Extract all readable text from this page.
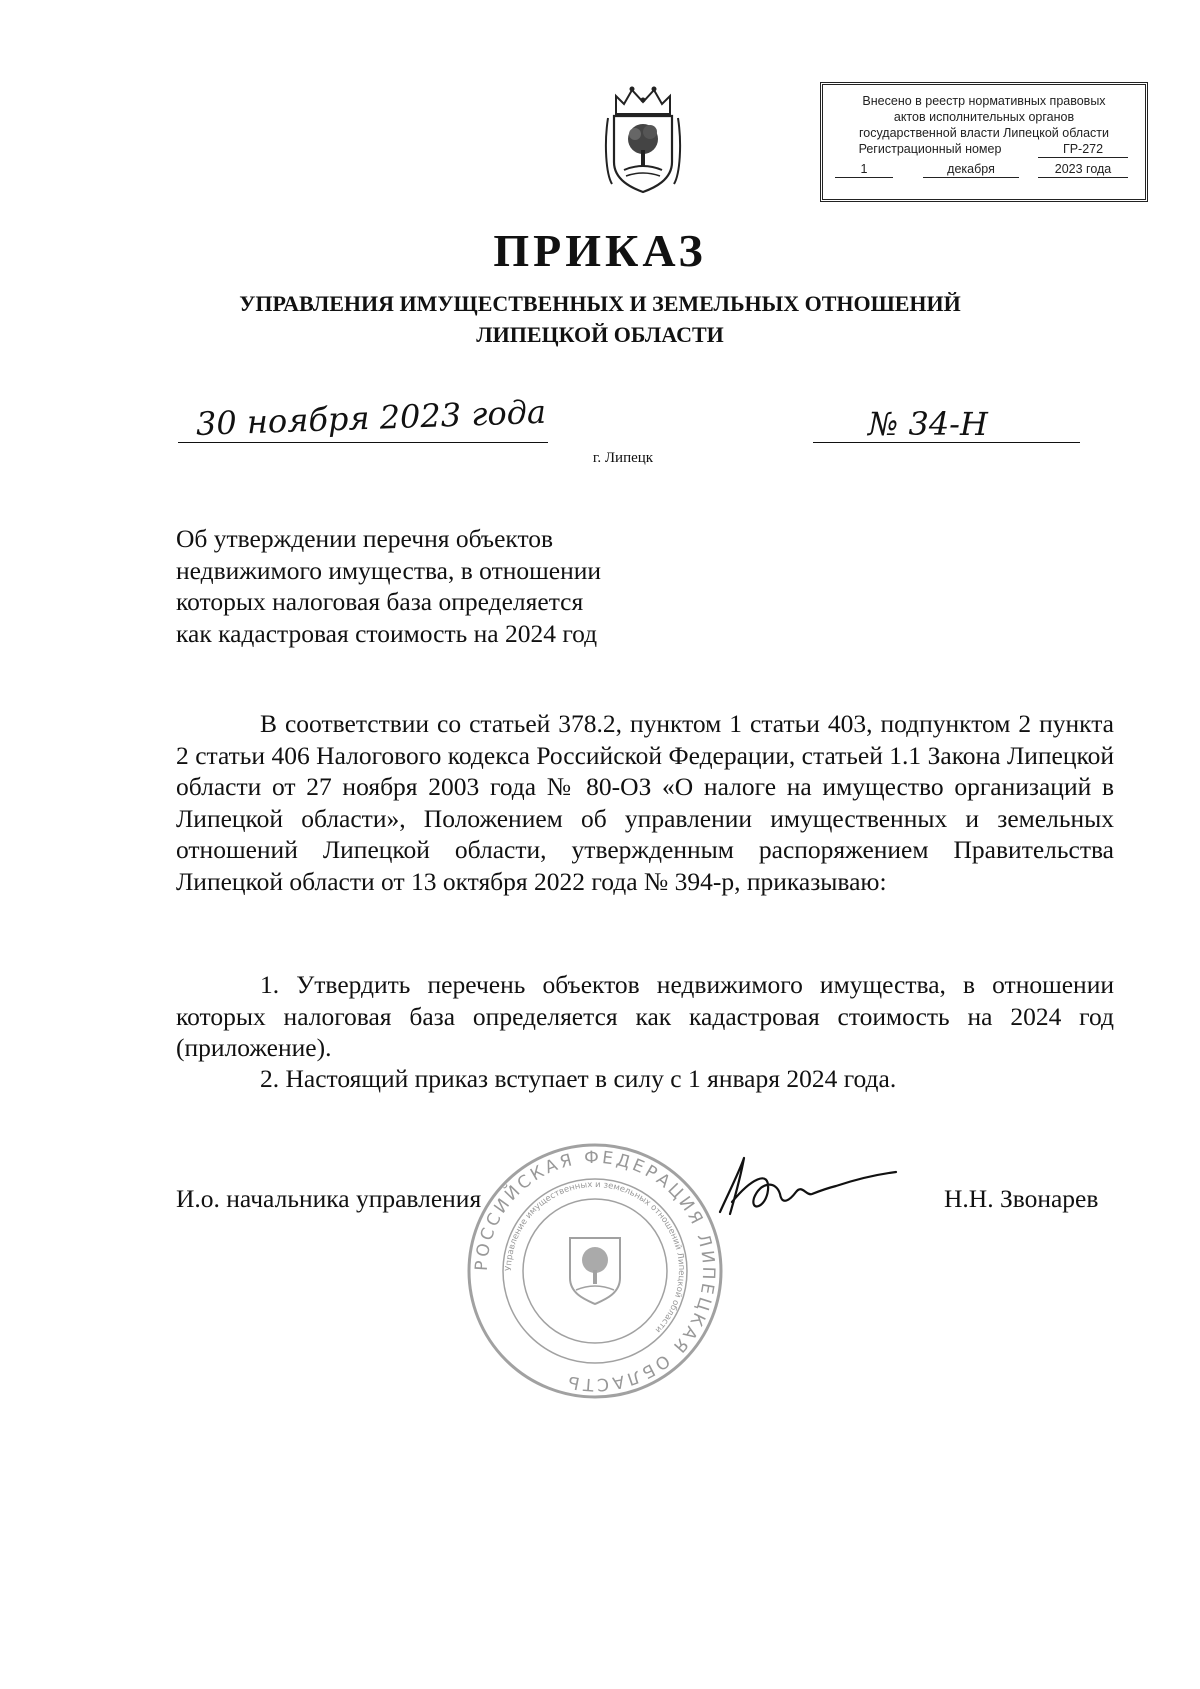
Внесено в реестр нормативных правовых
актов исполнительных органов
государственной власти Липецкой области
Регистрационный номер	ГР-272
1	декабря	2023 года
ПРИКАЗ
УПРАВЛЕНИЯ ИМУЩЕСТВЕННЫХ И ЗЕМЕЛЬНЫХ ОТНОШЕНИЙ
ЛИПЕЦКОЙ ОБЛАСТИ
30 ноября 2023 года	№ 34-Н
г. Липецк
Об утверждении перечня объектов
недвижимого имущества, в отношении
которых налоговая база определяется
как кадастровая стоимость на 2024 год
В соответствии со статьей 378.2, пунктом 1 статьи 403, подпунктом 2 пункта 2 статьи 406 Налогового кодекса Российской Федерации, статьей 1.1 Закона Липецкой области от 27 ноября 2003 года № 80-ОЗ «О налоге на имущество организаций в Липецкой области», Положением об управлении имущественных и земельных отношений Липецкой области, утвержденным распоряжением Правительства Липецкой области от 13 октября 2022 года № 394-р, приказываю:
1. Утвердить перечень объектов недвижимого имущества, в отношении которых налоговая база определяется как кадастровая стоимость на 2024 год (приложение).
2. Настоящий приказ вступает в силу с 1 января 2024 года.
РОССИЙСКАЯ ФЕДЕРАЦИЯ ЛИПЕЦКАЯ ОБЛАСТЬ
Управление имущественных и земельных отношений Липецкой области
И.о. начальника управления	Н.Н. Звонарев
